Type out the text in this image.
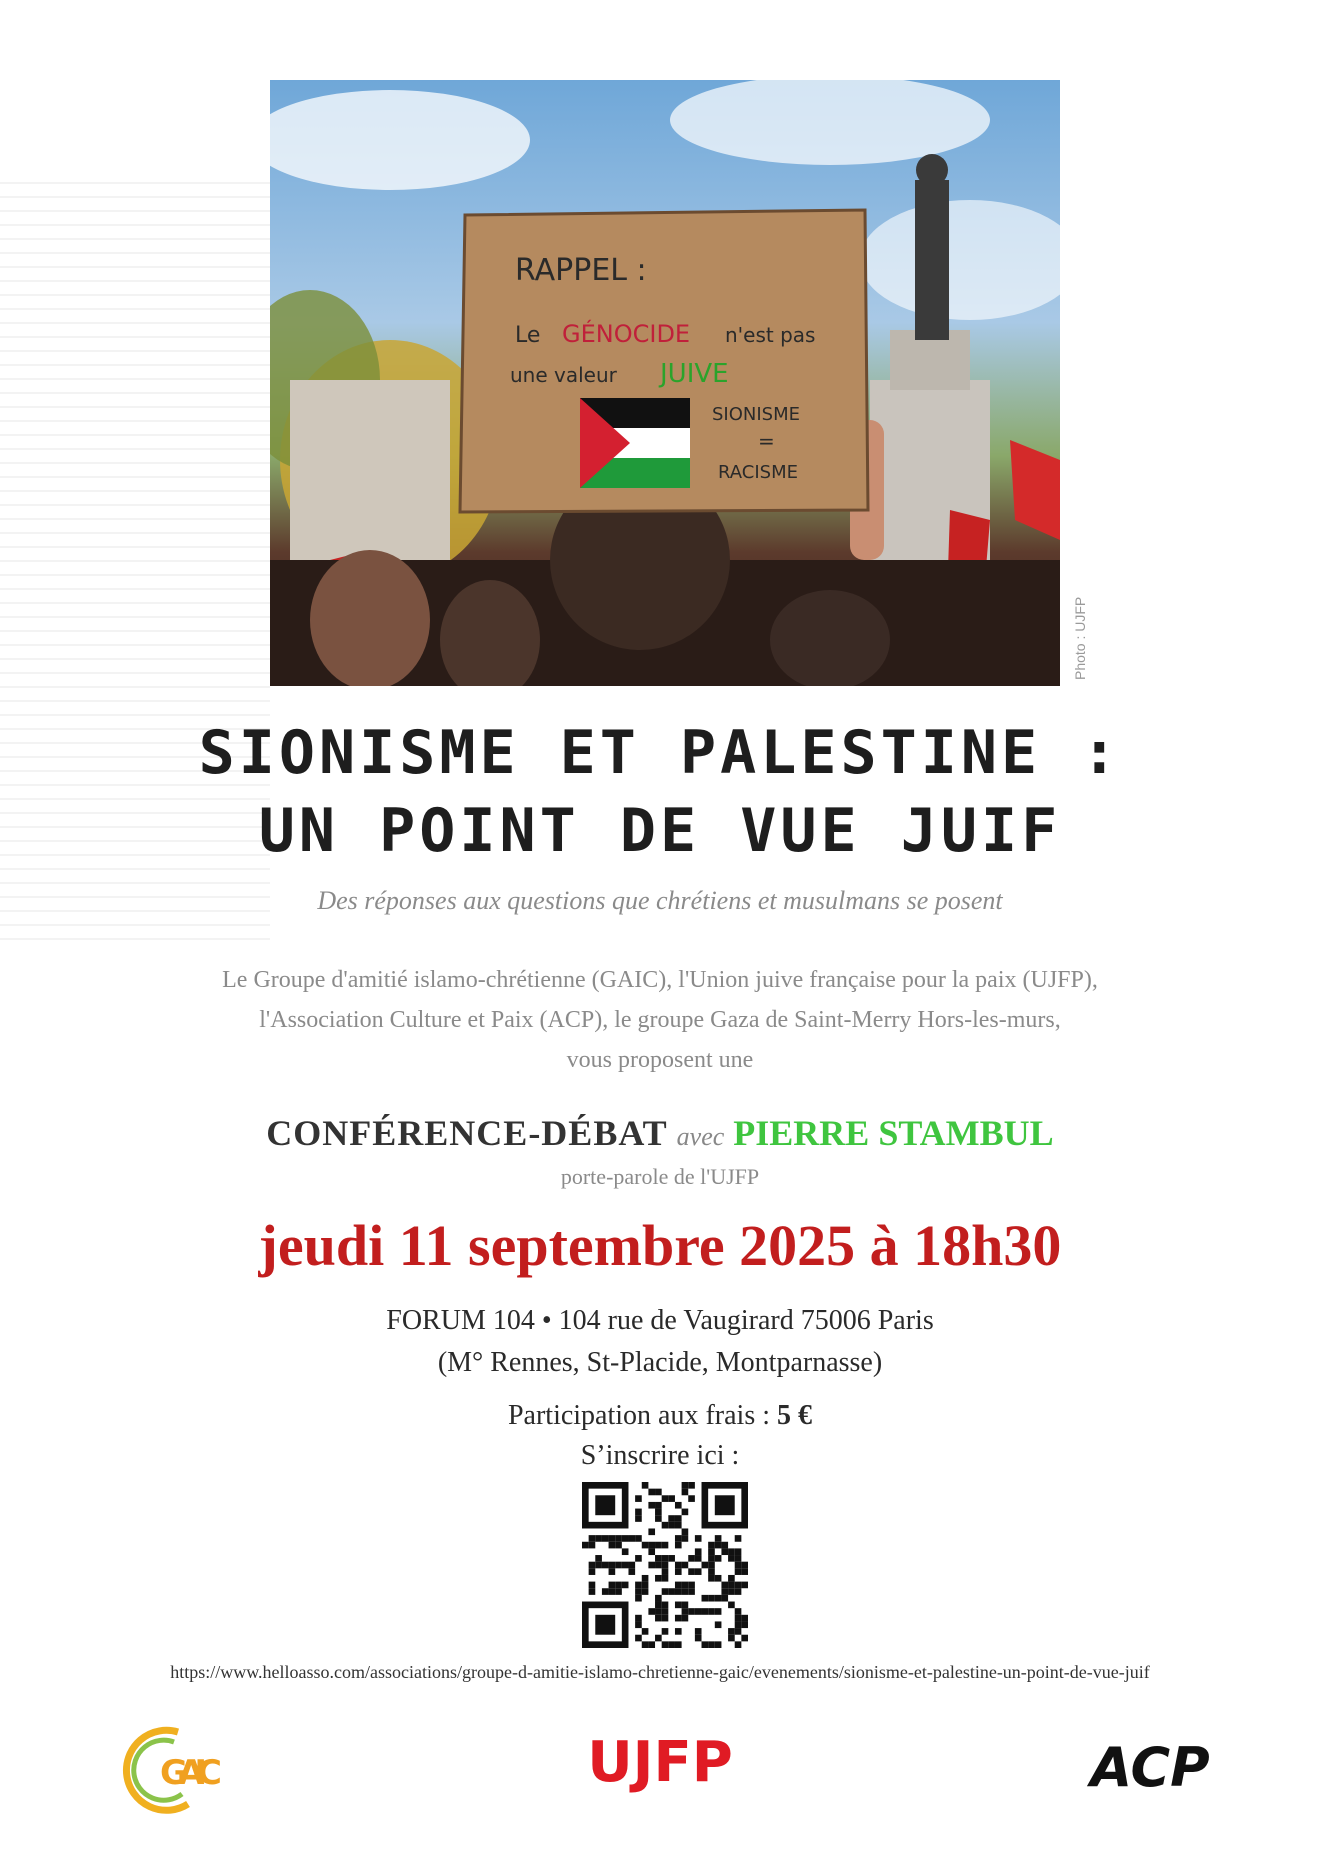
RAPPEL :
Le GÉNOCIDE n'est pas
une valeur JUIVE
SIONISME
=
RACISME
Photo : UJFP
SIONISME ET PALESTINE :
UN POINT DE VUE JUIF
Des réponses aux questions que chrétiens et musulmans se posent
Le Groupe d'amitié islamo-chrétienne (GAIC), l'Union juive française pour la paix (UJFP),
l'Association Culture et Paix (ACP), le groupe Gaza de Saint-Merry Hors-les-murs,
vous proposent une
CONFÉRENCE-DÉBAT avec PIERRE STAMBUL
porte-parole de l'UJFP
jeudi 11 septembre 2025 à 18h30
FORUM 104 • 104 rue de Vaugirard 75006 Paris
(M° Rennes, St-Placide, Montparnasse)
Participation aux frais : 5 €
S’inscrire ici :
https://www.helloasso.com/associations/groupe-d-amitie-islamo-chretienne-gaic/evenements/sionisme-et-palestine-un-point-de-vue-juif
GAIC	UJFP	ACP
